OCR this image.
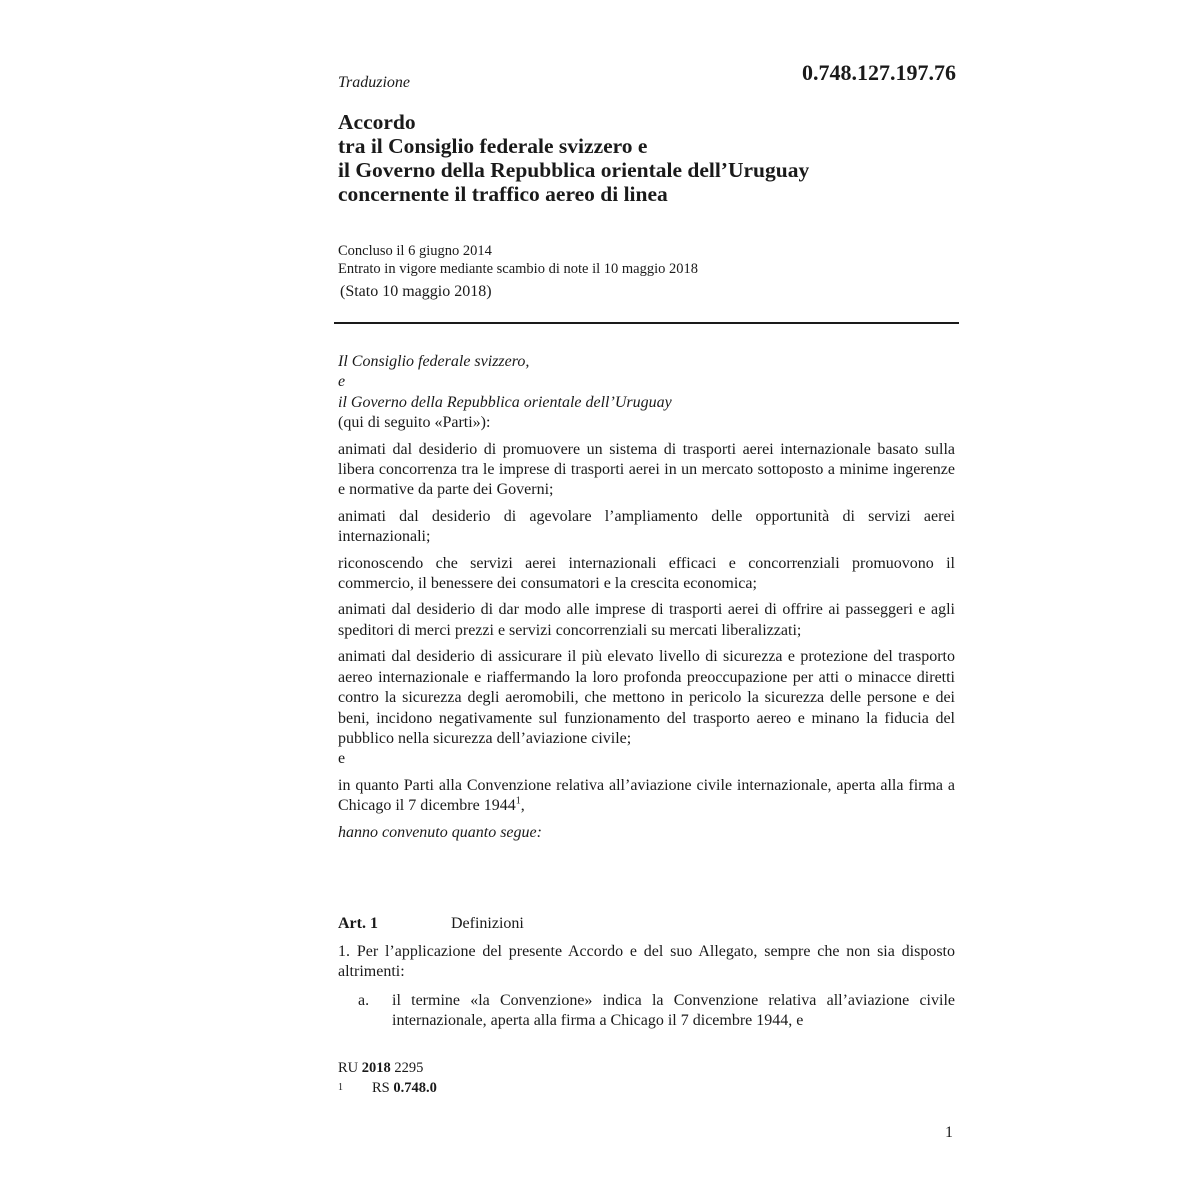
Traduzione	0.748.127.197.76
Accordo
tra il Consiglio federale svizzero e
il Governo della Repubblica orientale dell’Uruguay
concernente il traffico aereo di linea
Concluso il 6 giugno 2014
Entrato in vigore mediante scambio di note il 10 maggio 2018
(Stato 10 maggio 2018)
Il Consiglio federale svizzero,
e
il Governo della Repubblica orientale dell’Uruguay
(qui di seguito «Parti»):

animati dal desiderio di promuovere un sistema di trasporti aerei internazionale basato sulla libera concorrenza tra le imprese di trasporti aerei in un mercato sottoposto a minime ingerenze e normative da parte dei Governi;

animati dal desiderio di agevolare l’ampliamento delle opportunità di servizi aerei internazionali;

riconoscendo che servizi aerei internazionali efficaci e concorrenziali promuovono il commercio, il benessere dei consumatori e la crescita economica;

animati dal desiderio di dar modo alle imprese di trasporti aerei di offrire ai passeggeri e agli speditori di merci prezzi e servizi concorrenziali su mercati liberalizzati;

animati dal desiderio di assicurare il più elevato livello di sicurezza e protezione del trasporto aereo internazionale e riaffermando la loro profonda preoccupazione per atti o minacce diretti contro la sicurezza degli aeromobili, che mettono in pericolo la sicurezza delle persone e dei beni, incidono negativamente sul funzionamento del trasporto aereo e minano la fiducia del pubblico nella sicurezza dell’aviazione civile;

e

in quanto Parti alla Convenzione relativa all’aviazione civile internazionale, aperta alla firma a Chicago il 7 dicembre 1944$^1$,

hanno convenuto quanto segue:
Art. 1	Definizioni
1. Per l’applicazione del presente Accordo e del suo Allegato, sempre che non sia disposto altrimenti:
a. il termine «la Convenzione» indica la Convenzione relativa all’aviazione civile internazionale, aperta alla firma a Chicago il 7 dicembre 1944, e
RU 2018 2295
1 RS 0.748.0
1
